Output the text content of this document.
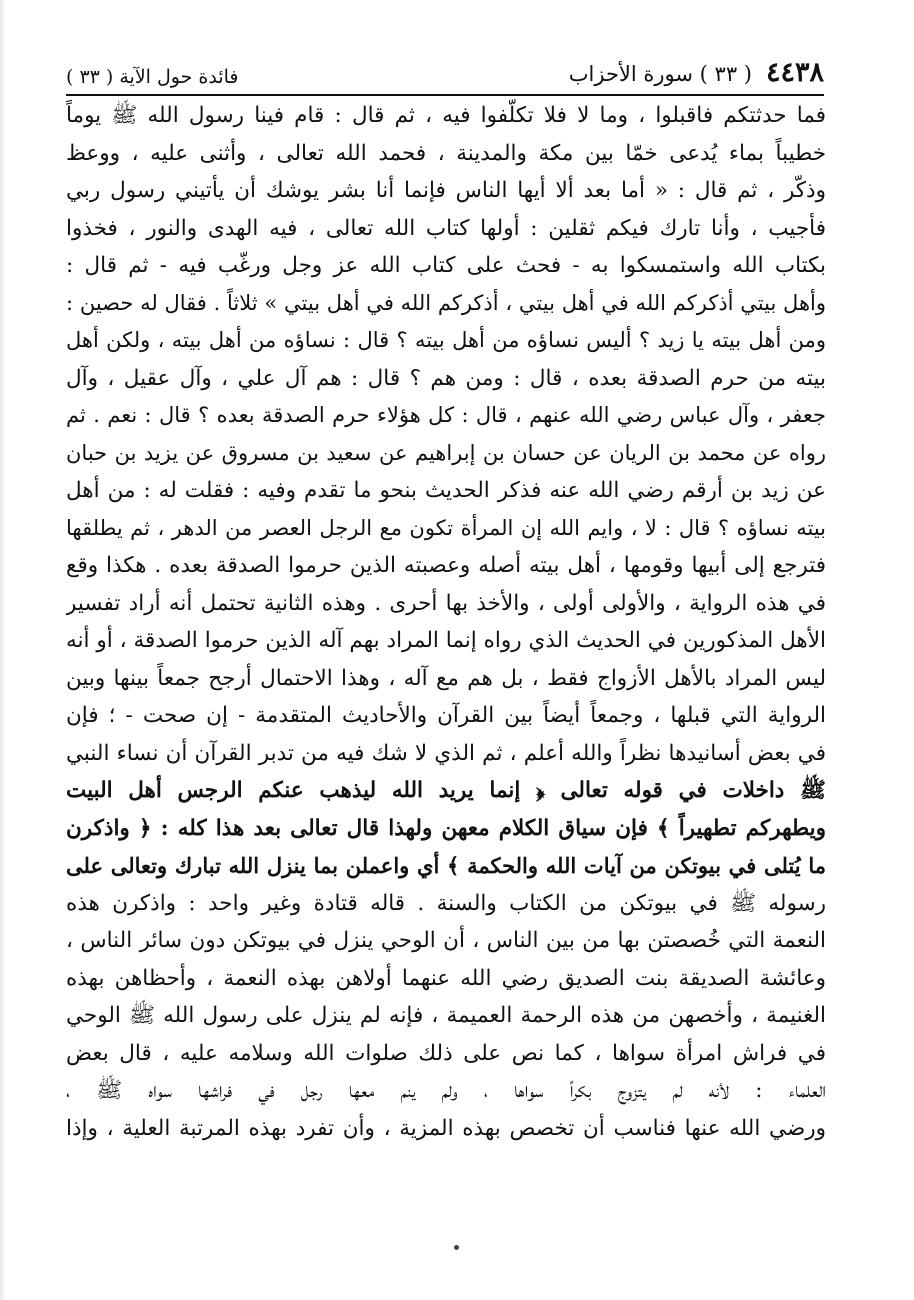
٤٤٣٨
( ٣٣ ) سورة الأحزاب
فائدة حول الآية ( ٣٣ )
فما حدثتكم فاقبلوا ، وما لا فلا تكلّفوا فيه ، ثم قال : قام فينا رسول الله ﷺ يوماً
خطيباً بماء يُدعى خمّا بين مكة والمدينة ، فحمد الله تعالى ، وأثنى عليه ، ووعظ
وذكّر ، ثم قال : « أما بعد ألا أيها الناس فإنما أنا بشر يوشك أن يأتيني رسول ربي
فأجيب ، وأنا تارك فيكم ثقلين : أولها كتاب الله تعالى ، فيه الهدى والنور ، فخذوا
بكتاب الله واستمسكوا به - فحث على كتاب الله عز وجل ورغّب فيه - ثم قال :
وأهل بيتي أذكركم الله في أهل بيتي ، أذكركم الله في أهل بيتي » ثلاثاً . فقال له حصين :
ومن أهل بيته يا زيد ؟ أليس نساؤه من أهل بيته ؟ قال : نساؤه من أهل بيته ، ولكن أهل
بيته من حرم الصدقة بعده ، قال : ومن هم ؟ قال : هم آل علي ، وآل عقيل ، وآل
جعفر ، وآل عباس رضي الله عنهم ، قال : كل هؤلاء حرم الصدقة بعده ؟ قال : نعم . ثم
رواه عن محمد بن الريان عن حسان بن إبراهيم عن سعيد بن مسروق عن يزيد بن حبان
عن زيد بن أرقم رضي الله عنه فذكر الحديث بنحو ما تقدم وفيه : فقلت له : من أهل
بيته نساؤه ؟ قال : لا ، وايم الله إن المرأة تكون مع الرجل العصر من الدهر ، ثم يطلقها
فترجع إلى أبيها وقومها ، أهل بيته أصله وعصبته الذين حرموا الصدقة بعده . هكذا وقع
في هذه الرواية ، والأولى أولى ، والأخذ بها أحرى . وهذه الثانية تحتمل أنه أراد تفسير
الأهل المذكورين في الحديث الذي رواه إنما المراد بهم آله الذين حرموا الصدقة ، أو أنه
ليس المراد بالأهل الأزواج فقط ، بل هم مع آله ، وهذا الاحتمال أرجح جمعاً بينها وبين
الرواية التي قبلها ، وجمعاً أيضاً بين القرآن والأحاديث المتقدمة - إن صحت - ؛ فإن
في بعض أسانيدها نظراً والله أعلم ، ثم الذي لا شك فيه من تدبر القرآن أن نساء النبي
ﷺ داخلات في قوله تعالى ﴿ إنما يريد الله ليذهب عنكم الرجس أهل البيت
ويطهركم تطهيراً ﴾ فإن سياق الكلام معهن ولهذا قال تعالى بعد هذا كله : ﴿ واذكرن
ما يُتلى في بيوتكن من آيات الله والحكمة ﴾ أي واعملن بما ينزل الله تبارك وتعالى على
رسوله ﷺ في بيوتكن من الكتاب والسنة . قاله قتادة وغير واحد : واذكرن هذه
النعمة التي خُصصتن بها من بين الناس ، أن الوحي ينزل في بيوتكن دون سائر الناس ،
وعائشة الصديقة بنت الصديق رضي الله عنهما أولاهن بهذه النعمة ، وأحظاهن بهذه
الغنيمة ، وأخصهن من هذه الرحمة العميمة ، فإنه لم ينزل على رسول الله ﷺ الوحي
في فراش امرأة سواها ، كما نص على ذلك صلوات الله وسلامه عليه ، قال بعض
العلماء : لأنه لم يتزوج بكراً سواها ، ولم ينم معها رجل في فراشها سواه ﷺ ،
ورضي الله عنها فناسب أن تخصص بهذه المزية ، وأن تفرد بهذه المرتبة العلية ، وإذا
